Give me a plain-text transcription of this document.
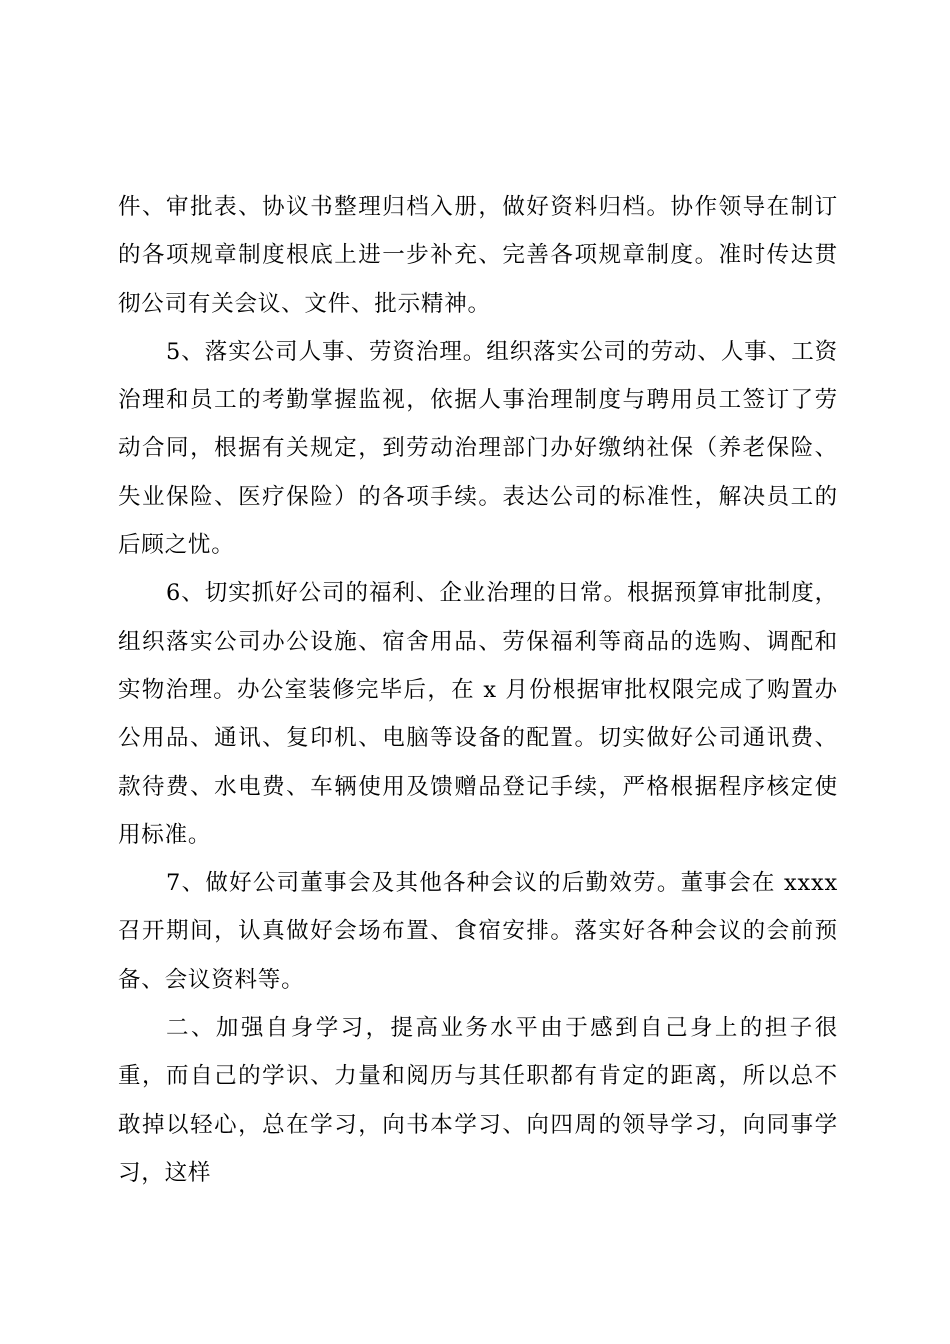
件、审批表、协议书整理归档入册，做好资料归档。协作领导在制订的各项规章制度根底上进一步补充、完善各项规章制度。准时传达贯彻公司有关会议、文件、批示精神。

5、落实公司人事、劳资治理。组织落实公司的劳动、人事、工资治理和员工的考勤掌握监视，依据人事治理制度与聘用员工签订了劳动合同，根据有关规定，到劳动治理部门办好缴纳社保（养老保险、失业保险、医疗保险）的各项手续。表达公司的标准性，解决员工的后顾之忧。

6、切实抓好公司的福利、企业治理的日常。根据预算审批制度，组织落实公司办公设施、宿舍用品、劳保福利等商品的选购、调配和实物治理。办公室装修完毕后，在 x 月份根据审批权限完成了购置办公用品、通讯、复印机、电脑等设备的配置。切实做好公司通讯费、款待费、水电费、车辆使用及馈赠品登记手续，严格根据程序核定使用标准。

7、做好公司董事会及其他各种会议的后勤效劳。董事会在 xxxx 召开期间，认真做好会场布置、食宿安排。落实好各种会议的会前预备、会议资料等。

二、加强自身学习，提高业务水平由于感到自己身上的担子很重，而自己的学识、力量和阅历与其任职都有肯定的距离，所以总不敢掉以轻心，总在学习，向书本学习、向四周的领导学习，向同事学习，这样
